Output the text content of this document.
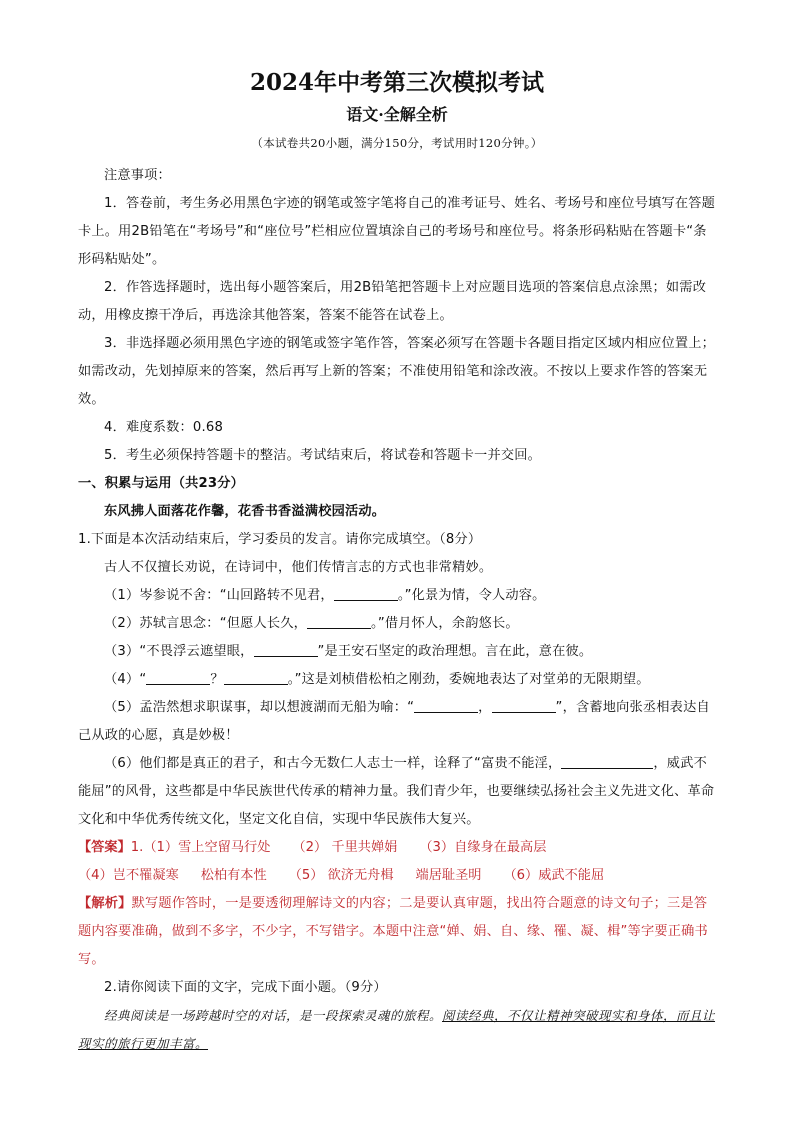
2024年中考第三次模拟考试
语文·全解全析
（本试卷共20小题，满分150分，考试用时120分钟。）

注意事项：

1．答卷前，考生务必用黑色字迹的钢笔或签字笔将自己的准考证号、姓名、考场号和座位号填写在答题卡上。用2B铅笔在“考场号”和“座位号”栏相应位置填涂自己的考场号和座位号。将条形码粘贴在答题卡“条形码粘贴处”。

2．作答选择题时，选出每小题答案后，用2B铅笔把答题卡上对应题目选项的答案信息点涂黑；如需改动，用橡皮擦干净后，再选涂其他答案，答案不能答在试卷上。

3．非选择题必须用黑色字迹的钢笔或签字笔作答，答案必须写在答题卡各题目指定区域内相应位置上；如需改动，先划掉原来的答案，然后再写上新的答案；不准使用铅笔和涂改液。不按以上要求作答的答案无效。

4．难度系数：0.68

5．考生必须保持答题卡的整洁。考试结束后，将试卷和答题卡一并交回。

一、积累与运用（共23分）

东风拂人面落花作馨，花香书香溢满校园活动。

1.下面是本次活动结束后，学习委员的发言。请你完成填空。（8分）

古人不仅擅长劝说，在诗词中，他们传情言志的方式也非常精妙。

（1）岑参说不舍：“山回路转不见君，	。”化景为情，令人动容。

（2）苏轼言思念：“但愿人长久，	。”借月怀人，余韵悠长。

（3）“不畏浮云遮望眼，	”是王安石坚定的政治理想。言在此，意在彼。

（4）“	？	。”这是刘桢借松柏之刚劲，委婉地表达了对堂弟的无限期望。

（5）孟浩然想求职谋事，却以想渡湖而无船为喻：“	，	”，含蓄地向张丞相表达自己从政的心愿，真是妙极！

（6）他们都是真正的君子，和古今无数仁人志士一样，诠释了“富贵不能淫，	，威武不能屈”的风骨，这些都是中华民族世代传承的精神力量。我们青少年，也要继续弘扬社会主义先进文化、革命文化和中华优秀传统文化，坚定文化自信，实现中华民族伟大复兴。

【答案】1.（1）雪上空留马行处 （2） 千里共婵娟 （3）自缘身在最高层

（4）岂不罹凝寒 松柏有本性 （5） 欲济无舟楫 端居耻圣明 （6）威武不能屈

【解析】默写题作答时，一是要透彻理解诗文的内容；二是要认真审题，找出符合题意的诗文句子；三是答题内容要准确，做到不多字，不少字，不写错字。本题中注意“婵、娟、自、缘、罹、凝、楫”等字要正确书写。

2.请你阅读下面的文字，完成下面小题。（9分）

经典阅读是一场跨越时空的对话，是一段探索灵魂的旅程。阅读经典，不仅让精神突破现实和身体，而且让现实的旅行更加丰富。
